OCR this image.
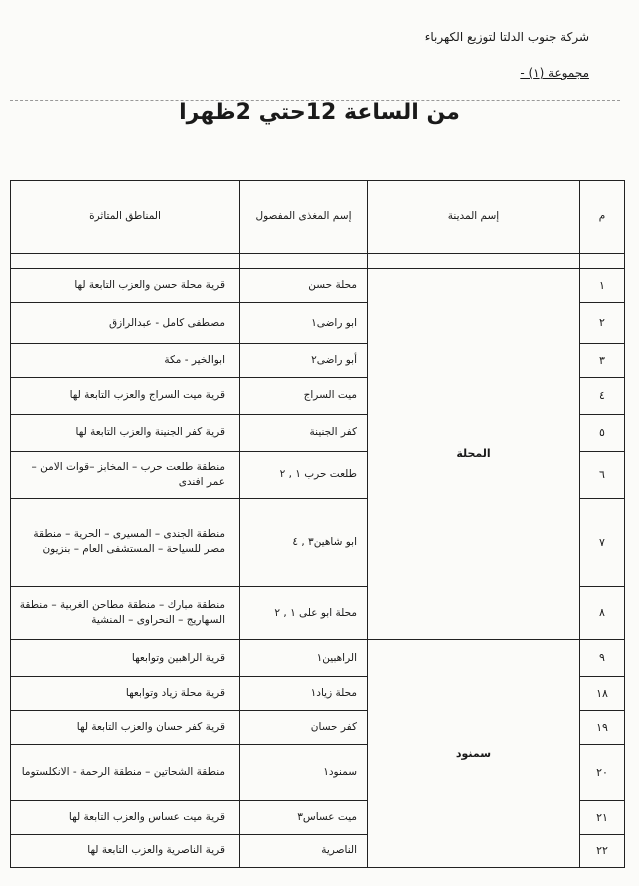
شركة جنوب الدلتا لتوزيع الكهرباء
مجموعة (١) -
من الساعة 12حتي 2ظهرا
م	إسم المدينة	إسم المغذى المفصول	المناطق المتاثرة

١	المحلة	محلة حسن	قرية محلة حسن والعزب التابعة لها
٢		ابو راضى١	مصطفى كامل - عبدالرازق
٣		أبو راضى٢	ابوالخير - مكة
٤		ميت السراج	قرية ميت السراج والعزب التابعة لها
٥		كفر الجنينة	قرية كفر الجنينة والعزب التابعة لها
٦		طلعت حرب ١ , ٢	منطقة طلعت حرب – المخابز –قوات الامن – عمر افندى
٧		ابو شاهين٣ , ٤	منطقة الجندى – المسيرى – الحرية – منطقة مصر للسياحة – المستشفى العام – بنزيون
٨		محلة ابو على ١ , ٢	منطقة مبارك – منطقة مطاحن الغربية – منطقة السهاريج – النحراوى – المنشية
٩	سمنود	الراهبين١	قرية الراهبين وتوابعها
١٨		محلة زياد١	قرية محلة زياد وتوابعها
١٩		كفر حسان	قرية كفر حسان والعزب التابعة لها
٢٠		سمنود١	منطقة الشحاتين – منطقة الرحمة - الانكلستوما
٢١		ميت عساس٣	قرية ميت عساس والعزب التابعة لها
٢٢		الناصرية	قرية الناصرية والعزب التابعة لها
